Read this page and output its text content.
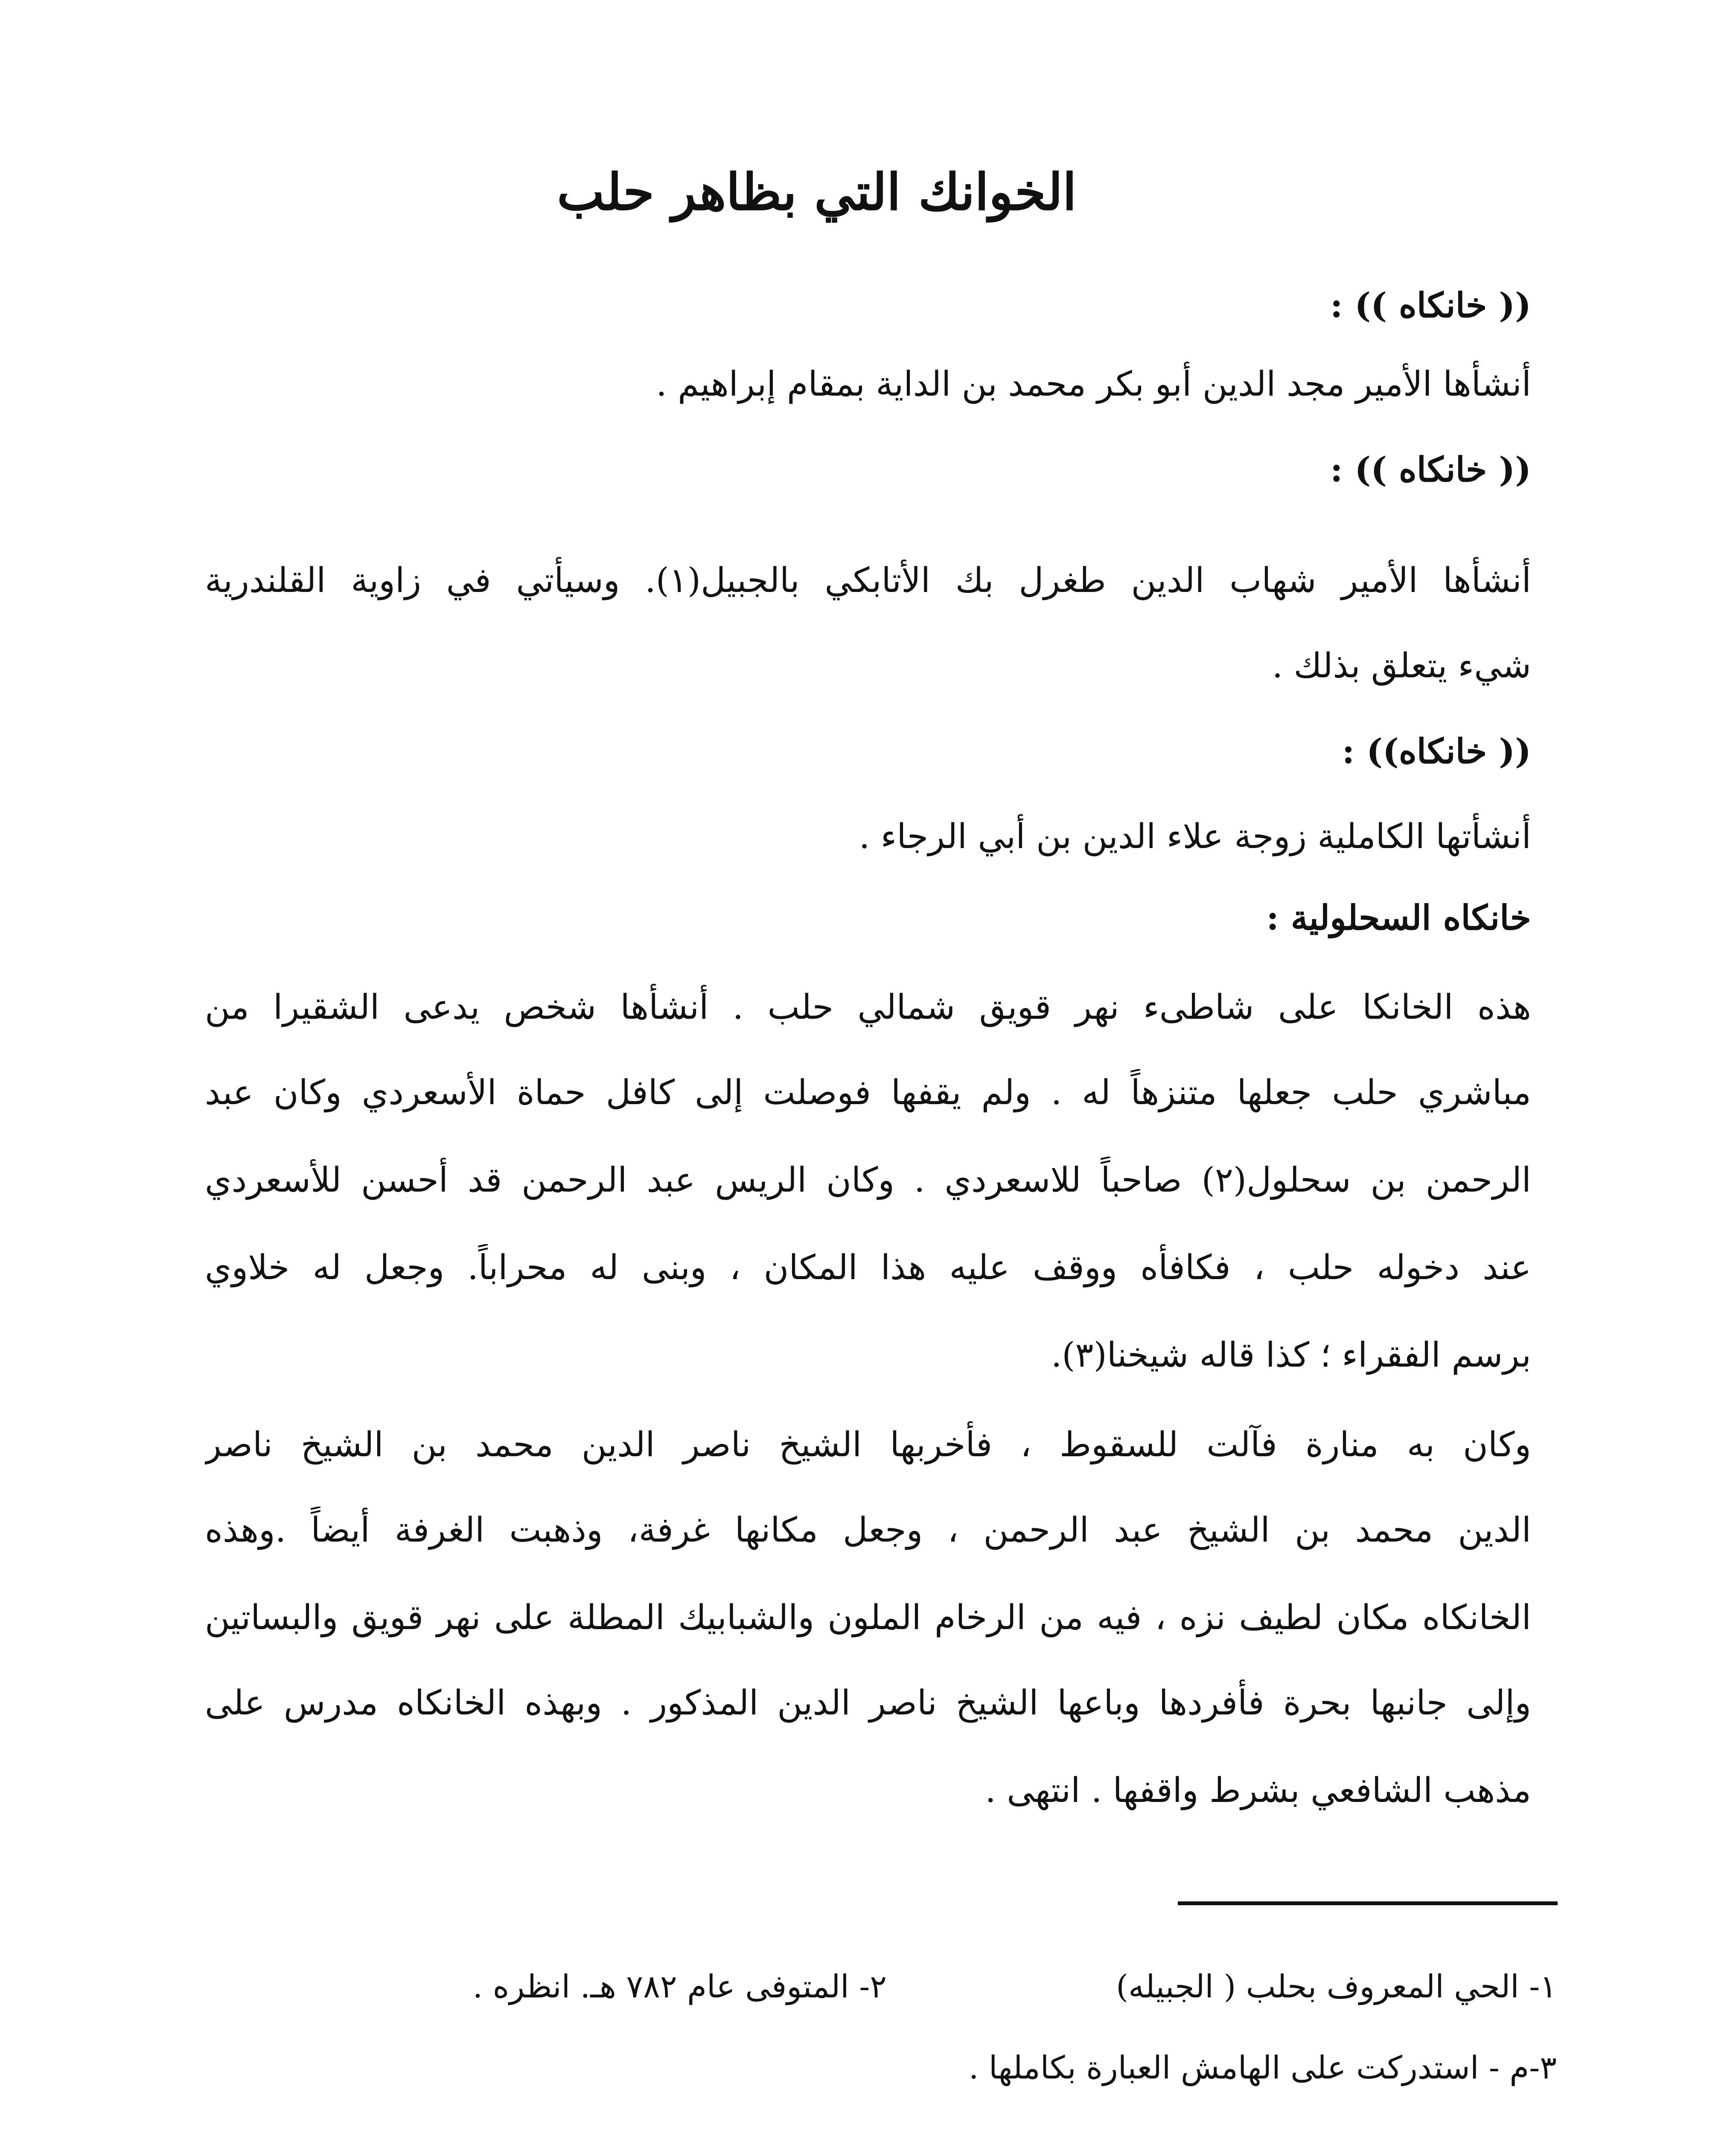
الخوانك التي بظاهر حلب
(( خانكاه )) :
أنشأها الأمير مجد الدين أبو بكر محمد بن الداية بمقام إبراهيم .
(( خانكاه )) :
أنشأها الأمير شهاب الدين طغرل بك الأتابكي بالجبيل(١). وسيأتي في زاوية القلندرية
شيء يتعلق بذلك .
(( خانكاه)) :
أنشأتها الكاملية زوجة علاء الدين بن أبي الرجاء .
خانكاه السحلولية :
هذه الخانكا على شاطىء نهر قويق شمالي حلب . أنشأها شخص يدعى الشقيرا من
مباشري حلب جعلها متنزهاً له . ولم يقفها فوصلت إلى كافل حماة الأسعردي وكان عبد
الرحمن بن سحلول(٢) صاحباً للاسعردي . وكان الريس عبد الرحمن قد أحسن للأسعردي
عند دخوله حلب ، فكافأه ووقف عليه هذا المكان ، وبنى له محراباً. وجعل له خلاوي
برسم الفقراء ؛ كذا قاله شيخنا(٣).
وكان به منارة فآلت للسقوط ، فأخربها الشيخ ناصر الدين محمد بن الشيخ ناصر
الدين محمد بن الشيخ عبد الرحمن ، وجعل مكانها غرفة، وذهبت الغرفة أيضاً .وهذه
الخانكاه مكان لطيف نزه ، فيه من الرخام الملون والشبابيك المطلة على نهر قويق والبساتين
وإلى جانبها بحرة فأفردها وباعها الشيخ ناصر الدين المذكور . وبهذه الخانكاه مدرس على
مذهب الشافعي بشرط واقفها . انتهى .
١- الحي المعروف بحلب ( الجبيله)
٢- المتوفى عام ٧٨٢ هـ. انظره .
٣-م - استدركت على الهامش العبارة بكاملها .
